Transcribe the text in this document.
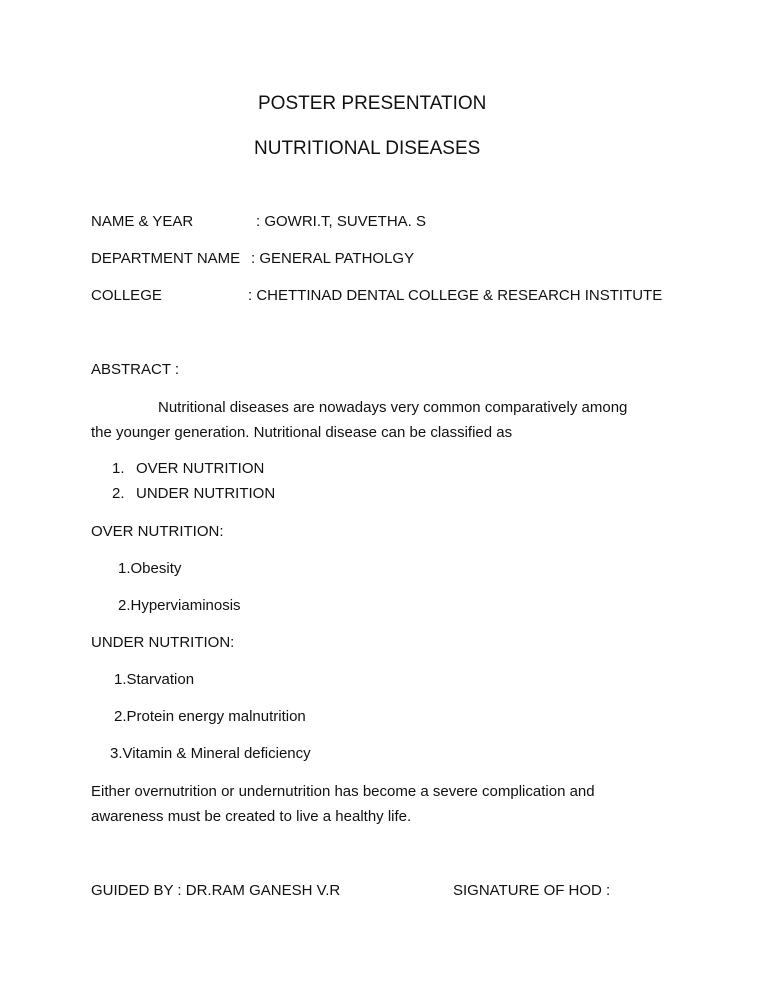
POSTER PRESENTATION
NUTRITIONAL DISEASES
NAME & YEAR	: GOWRI.T, SUVETHA. S
DEPARTMENT NAME : GENERAL PATHOLGY
COLLEGE	: CHETTINAD DENTAL COLLEGE & RESEARCH INSTITUTE
ABSTRACT :
Nutritional diseases are nowadays very common comparatively among
the younger generation. Nutritional disease can be classified as
1. OVER NUTRITION
2. UNDER NUTRITION
OVER NUTRITION:
1.Obesity
2.Hyperviaminosis
UNDER NUTRITION:
1.Starvation
2.Protein energy malnutrition
3.Vitamin & Mineral deficiency
Either overnutrition or undernutrition has become a severe complication and
awareness must be created to live a healthy life.
GUIDED BY : DR.RAM GANESH V.R	SIGNATURE OF HOD :
